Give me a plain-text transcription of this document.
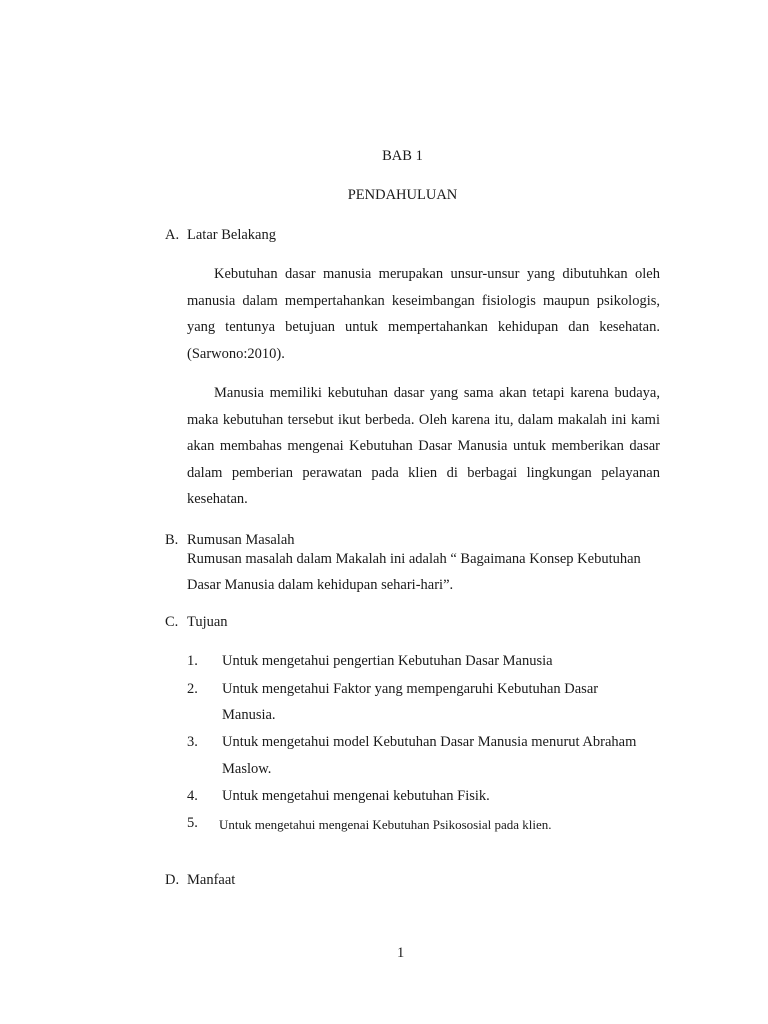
BAB 1
PENDAHULUAN
A. Latar Belakang
Kebutuhan dasar manusia merupakan unsur-unsur yang dibutuhkan oleh manusia dalam mempertahankan keseimbangan fisiologis maupun psikologis, yang tentunya betujuan untuk mempertahankan kehidupan dan kesehatan. (Sarwono:2010).
Manusia memiliki kebutuhan dasar yang sama akan tetapi karena budaya, maka kebutuhan tersebut ikut berbeda. Oleh karena itu, dalam makalah ini kami akan membahas mengenai Kebutuhan Dasar Manusia untuk memberikan dasar dalam pemberian perawatan pada klien di berbagai lingkungan pelayanan kesehatan.
B. Rumusan Masalah
Rumusan masalah dalam Makalah ini adalah “ Bagaimana Konsep Kebutuhan
Dasar Manusia dalam kehidupan sehari-hari”.
C. Tujuan
1. Untuk mengetahui pengertian Kebutuhan Dasar Manusia
2. Untuk mengetahui Faktor yang mempengaruhi Kebutuhan Dasar
Manusia.
3. Untuk mengetahui model Kebutuhan Dasar Manusia menurut Abraham
Maslow.
4. Untuk mengetahui mengenai kebutuhan Fisik.
5. Untuk mengetahui mengenai Kebutuhan Psikososial pada klien.
D. Manfaat
1
